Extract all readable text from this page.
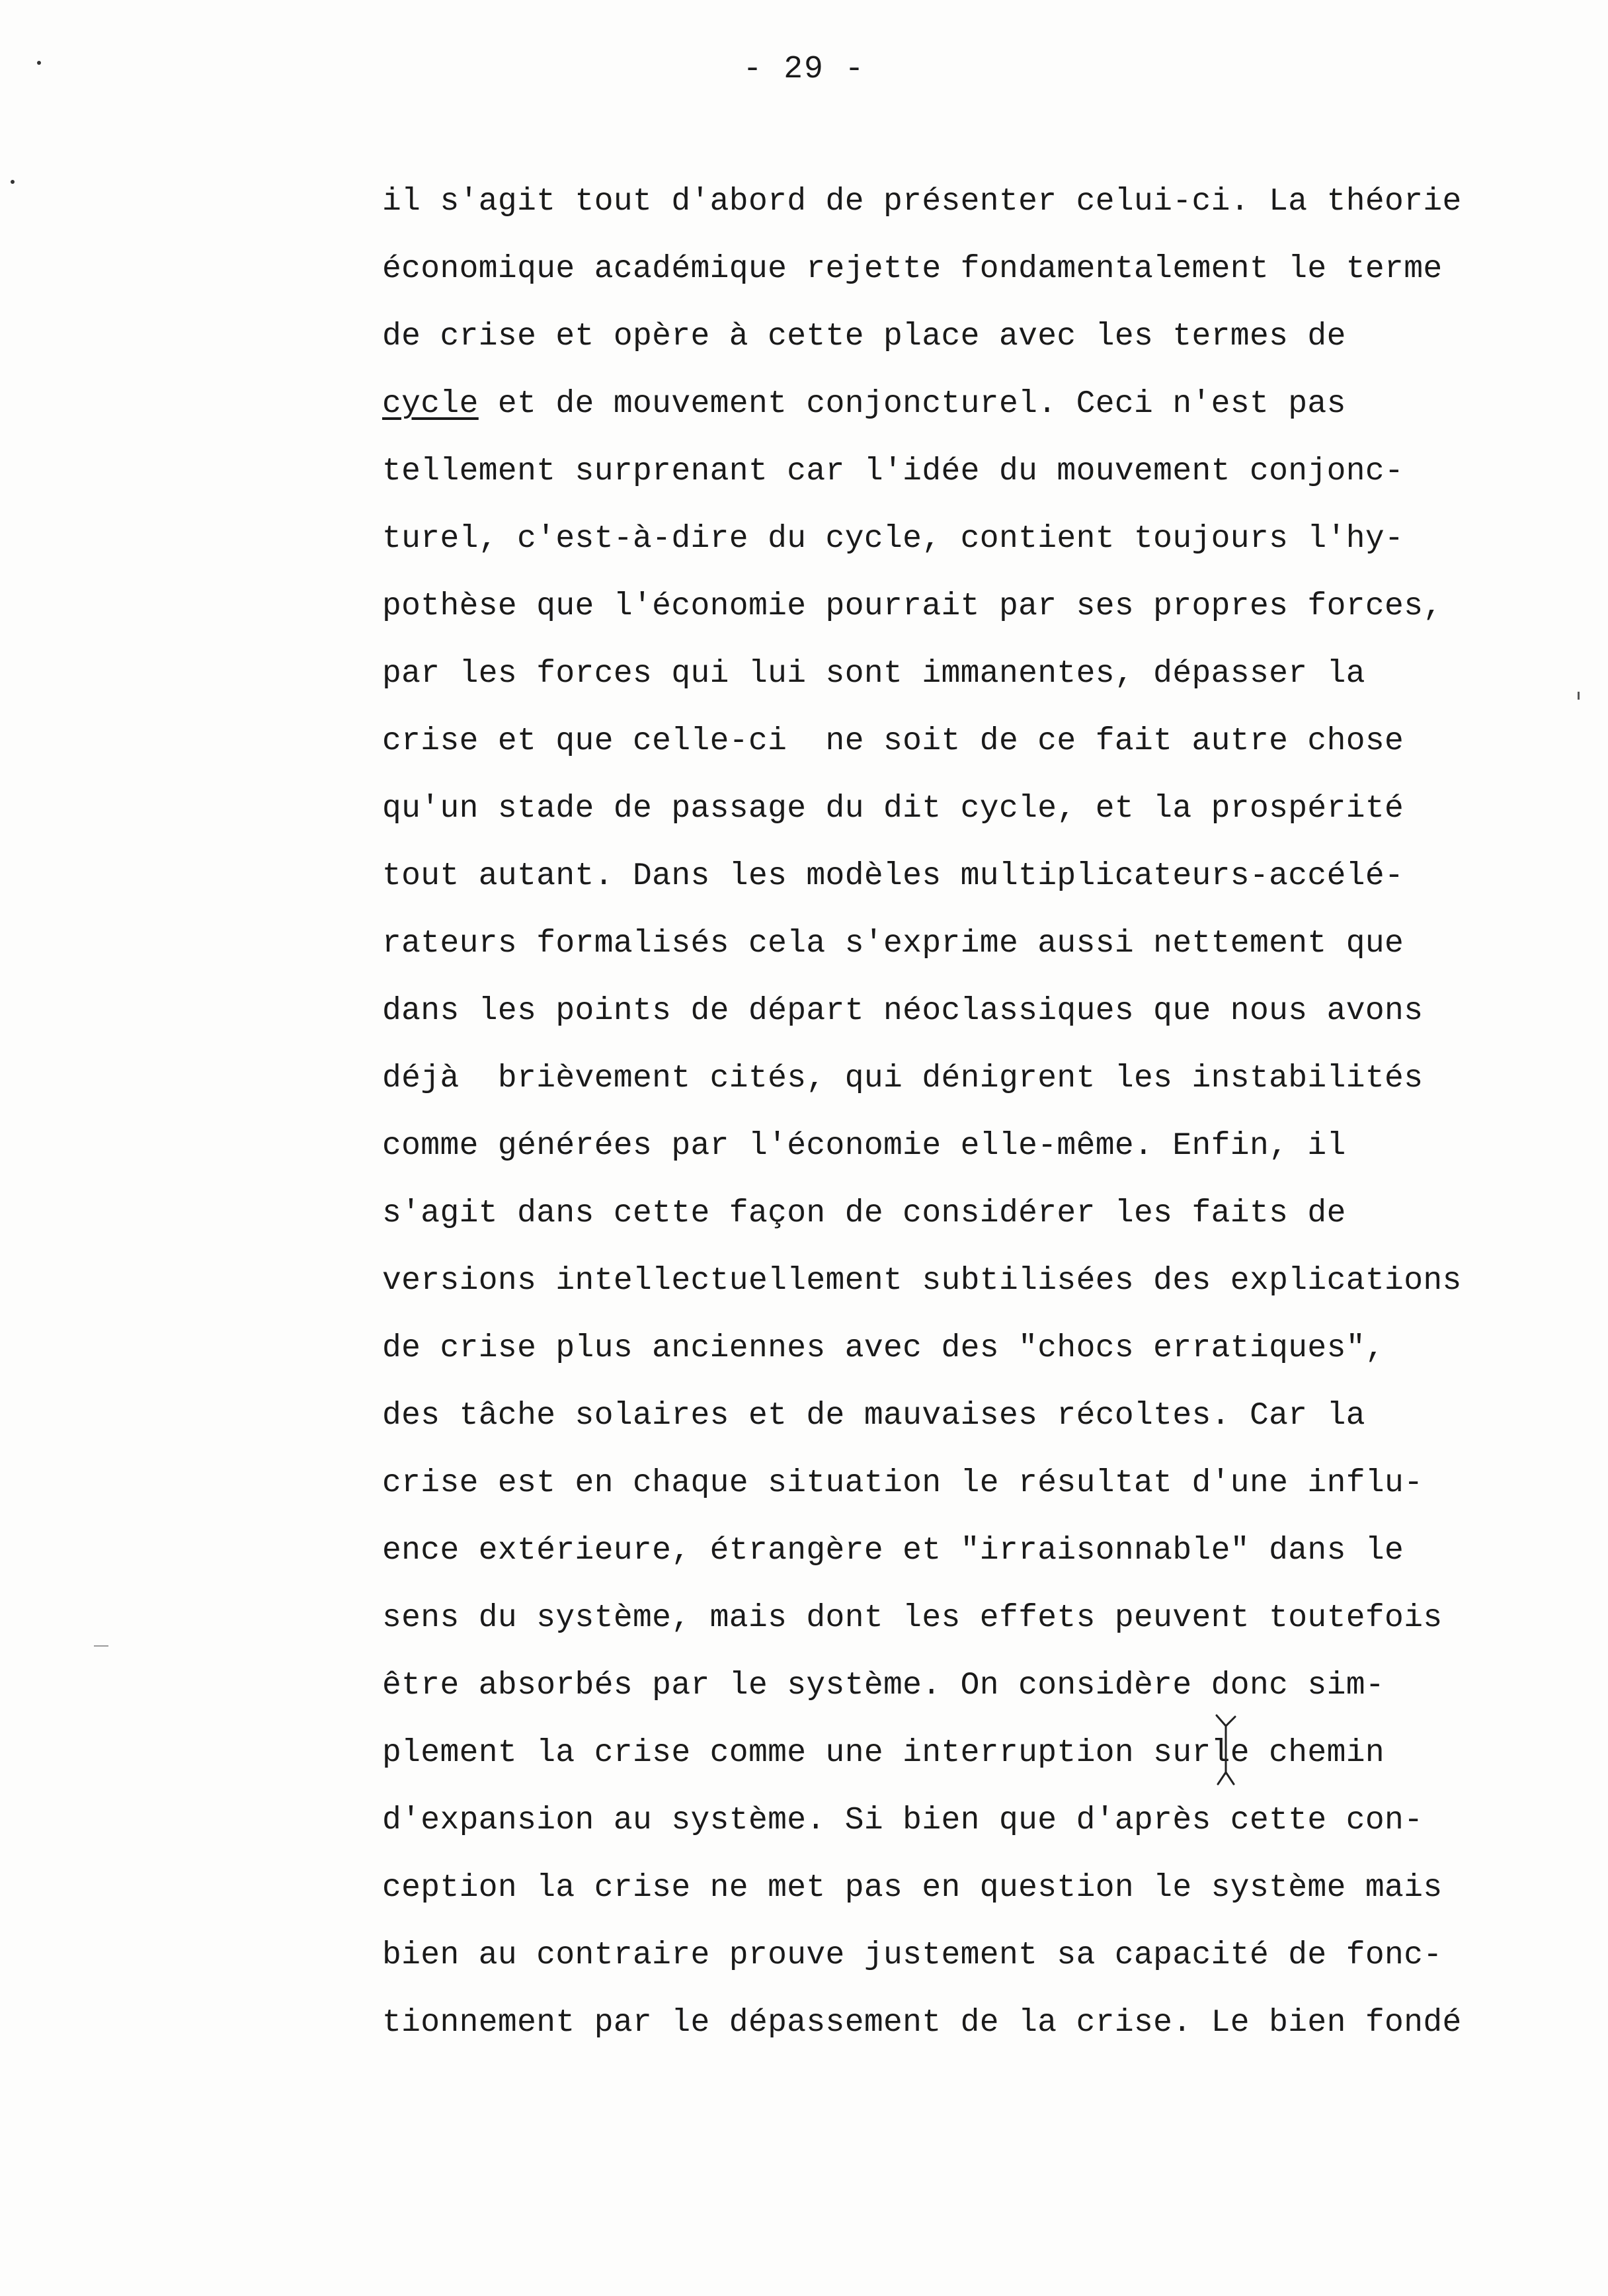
- 29 -
il s'agit tout d'abord de présenter celui-ci. La théorie
économique académique rejette fondamentalement le terme
de crise et opère à cette place avec les termes de
cycle et de mouvement conjoncturel. Ceci n'est pas
tellement surprenant car l'idée du mouvement conjonc-
turel, c'est-à-dire du cycle, contient toujours l'hy-
pothèse que l'économie pourrait par ses propres forces,
par les forces qui lui sont immanentes, dépasser la
crise et que celle-ci  ne soit de ce fait autre chose
qu'un stade de passage du dit cycle, et la prospérité
tout autant. Dans les modèles multiplicateurs-accélé-
rateurs formalisés cela s'exprime aussi nettement que
dans les points de départ néoclassiques que nous avons
déjà  brièvement cités, qui dénigrent les instabilités
comme générées par l'économie elle-même. Enfin, il
s'agit dans cette façon de considérer les faits de
versions intellectuellement subtilisées des explications
de crise plus anciennes avec des "chocs erratiques",
des tâche solaires et de mauvaises récoltes. Car la
crise est en chaque situation le résultat d'une influ-
ence extérieure, étrangère et "irraisonnable" dans le
sens du système, mais dont les effets peuvent toutefois
être absorbés par le système. On considère donc sim-
plement la crise comme une interruption surle chemin
d'expansion au système. Si bien que d'après cette con-
ception la crise ne met pas en question le système mais
bien au contraire prouve justement sa capacité de fonc-
tionnement par le dépassement de la crise. Le bien fondé
